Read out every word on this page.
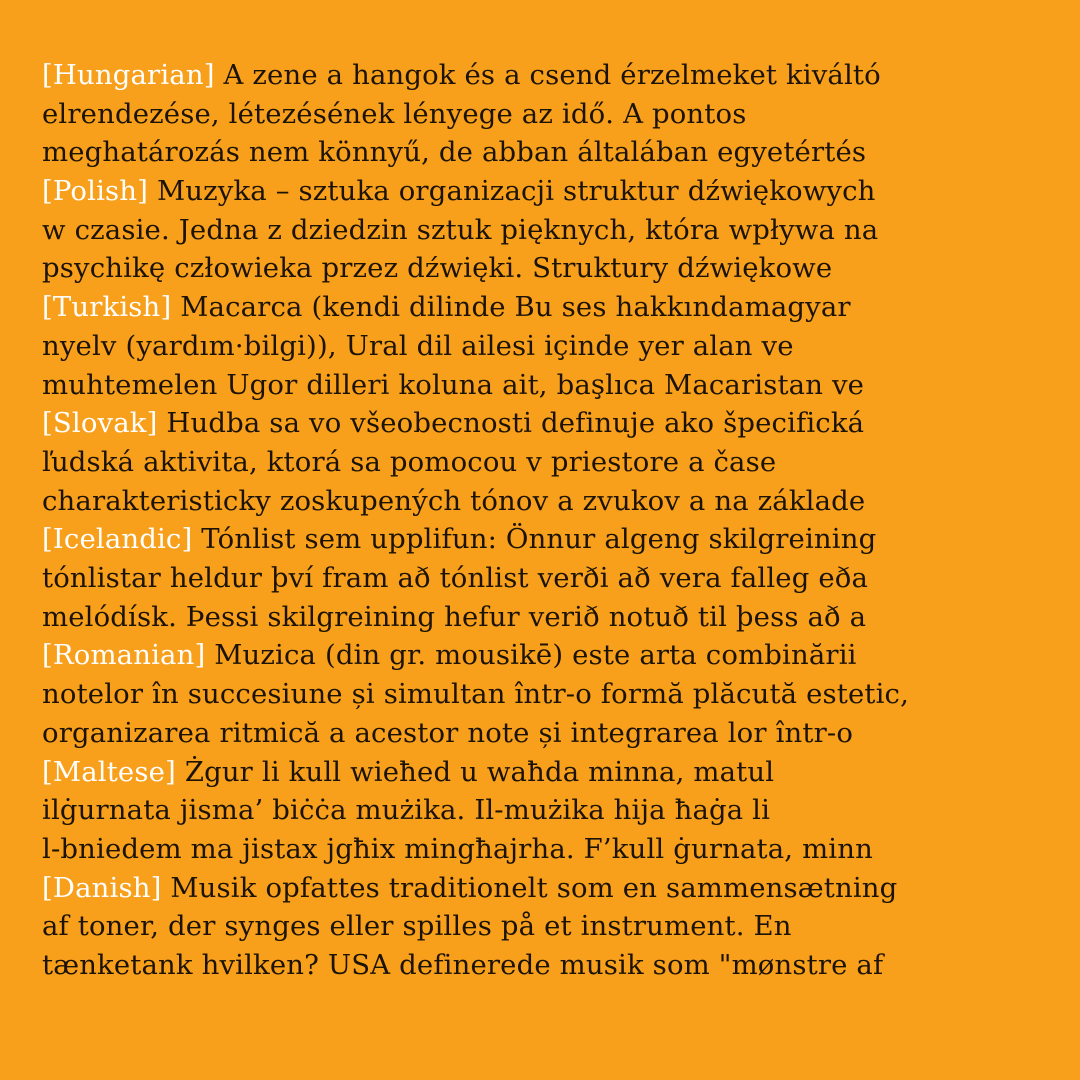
[Hungarian] A zene a hangok és a csend érzelmeket kiváltó
elrendezése, létezésének lényege az idő. A pontos
meghatározás nem könnyű, de abban általában egyetértés

[Polish] Muzyka – sztuka organizacji struktur dźwiękowych
w czasie. Jedna z dziedzin sztuk pięknych, która wpływa na
psychikę człowieka przez dźwięki. Struktury dźwiękowe

[Turkish] Macarca (kendi dilinde Bu ses hakkındamagyar
nyelv (yardım·bilgi)), Ural dil ailesi içinde yer alan ve
muhtemelen Ugor dilleri koluna ait, başlıca Macaristan ve

[Slovak] Hudba sa vo všeobecnosti definuje ako špecifická
ľudská aktivita, ktorá sa pomocou v priestore a čase
charakteristicky zoskupených tónov a zvukov a na základe

[Icelandic] Tónlist sem upplifun: Önnur algeng skilgreining
tónlistar heldur því fram að tónlist verði að vera falleg eða
melódísk. Þessi skilgreining hefur verið notuð til þess að a

[Romanian] Muzica (din gr. mousikē) este arta combinării
notelor în succesiune și simultan într-o formă plăcută estetic,
organizarea ritmică a acestor note și integrarea lor într-o

[Maltese] Żgur li kull wieħed u waħda minna, matul
ilġurnata jisma’ biċċa mużika. Il-mużika hija ħaġa li
l-bniedem ma jistax jgħix mingħajrha. F’kull ġurnata, minn

[Danish] Musik opfattes traditionelt som en sammensætning
af toner, der synges eller spilles på et instrument. En
tænketank hvilken? USA definerede musik som "mønstre af
